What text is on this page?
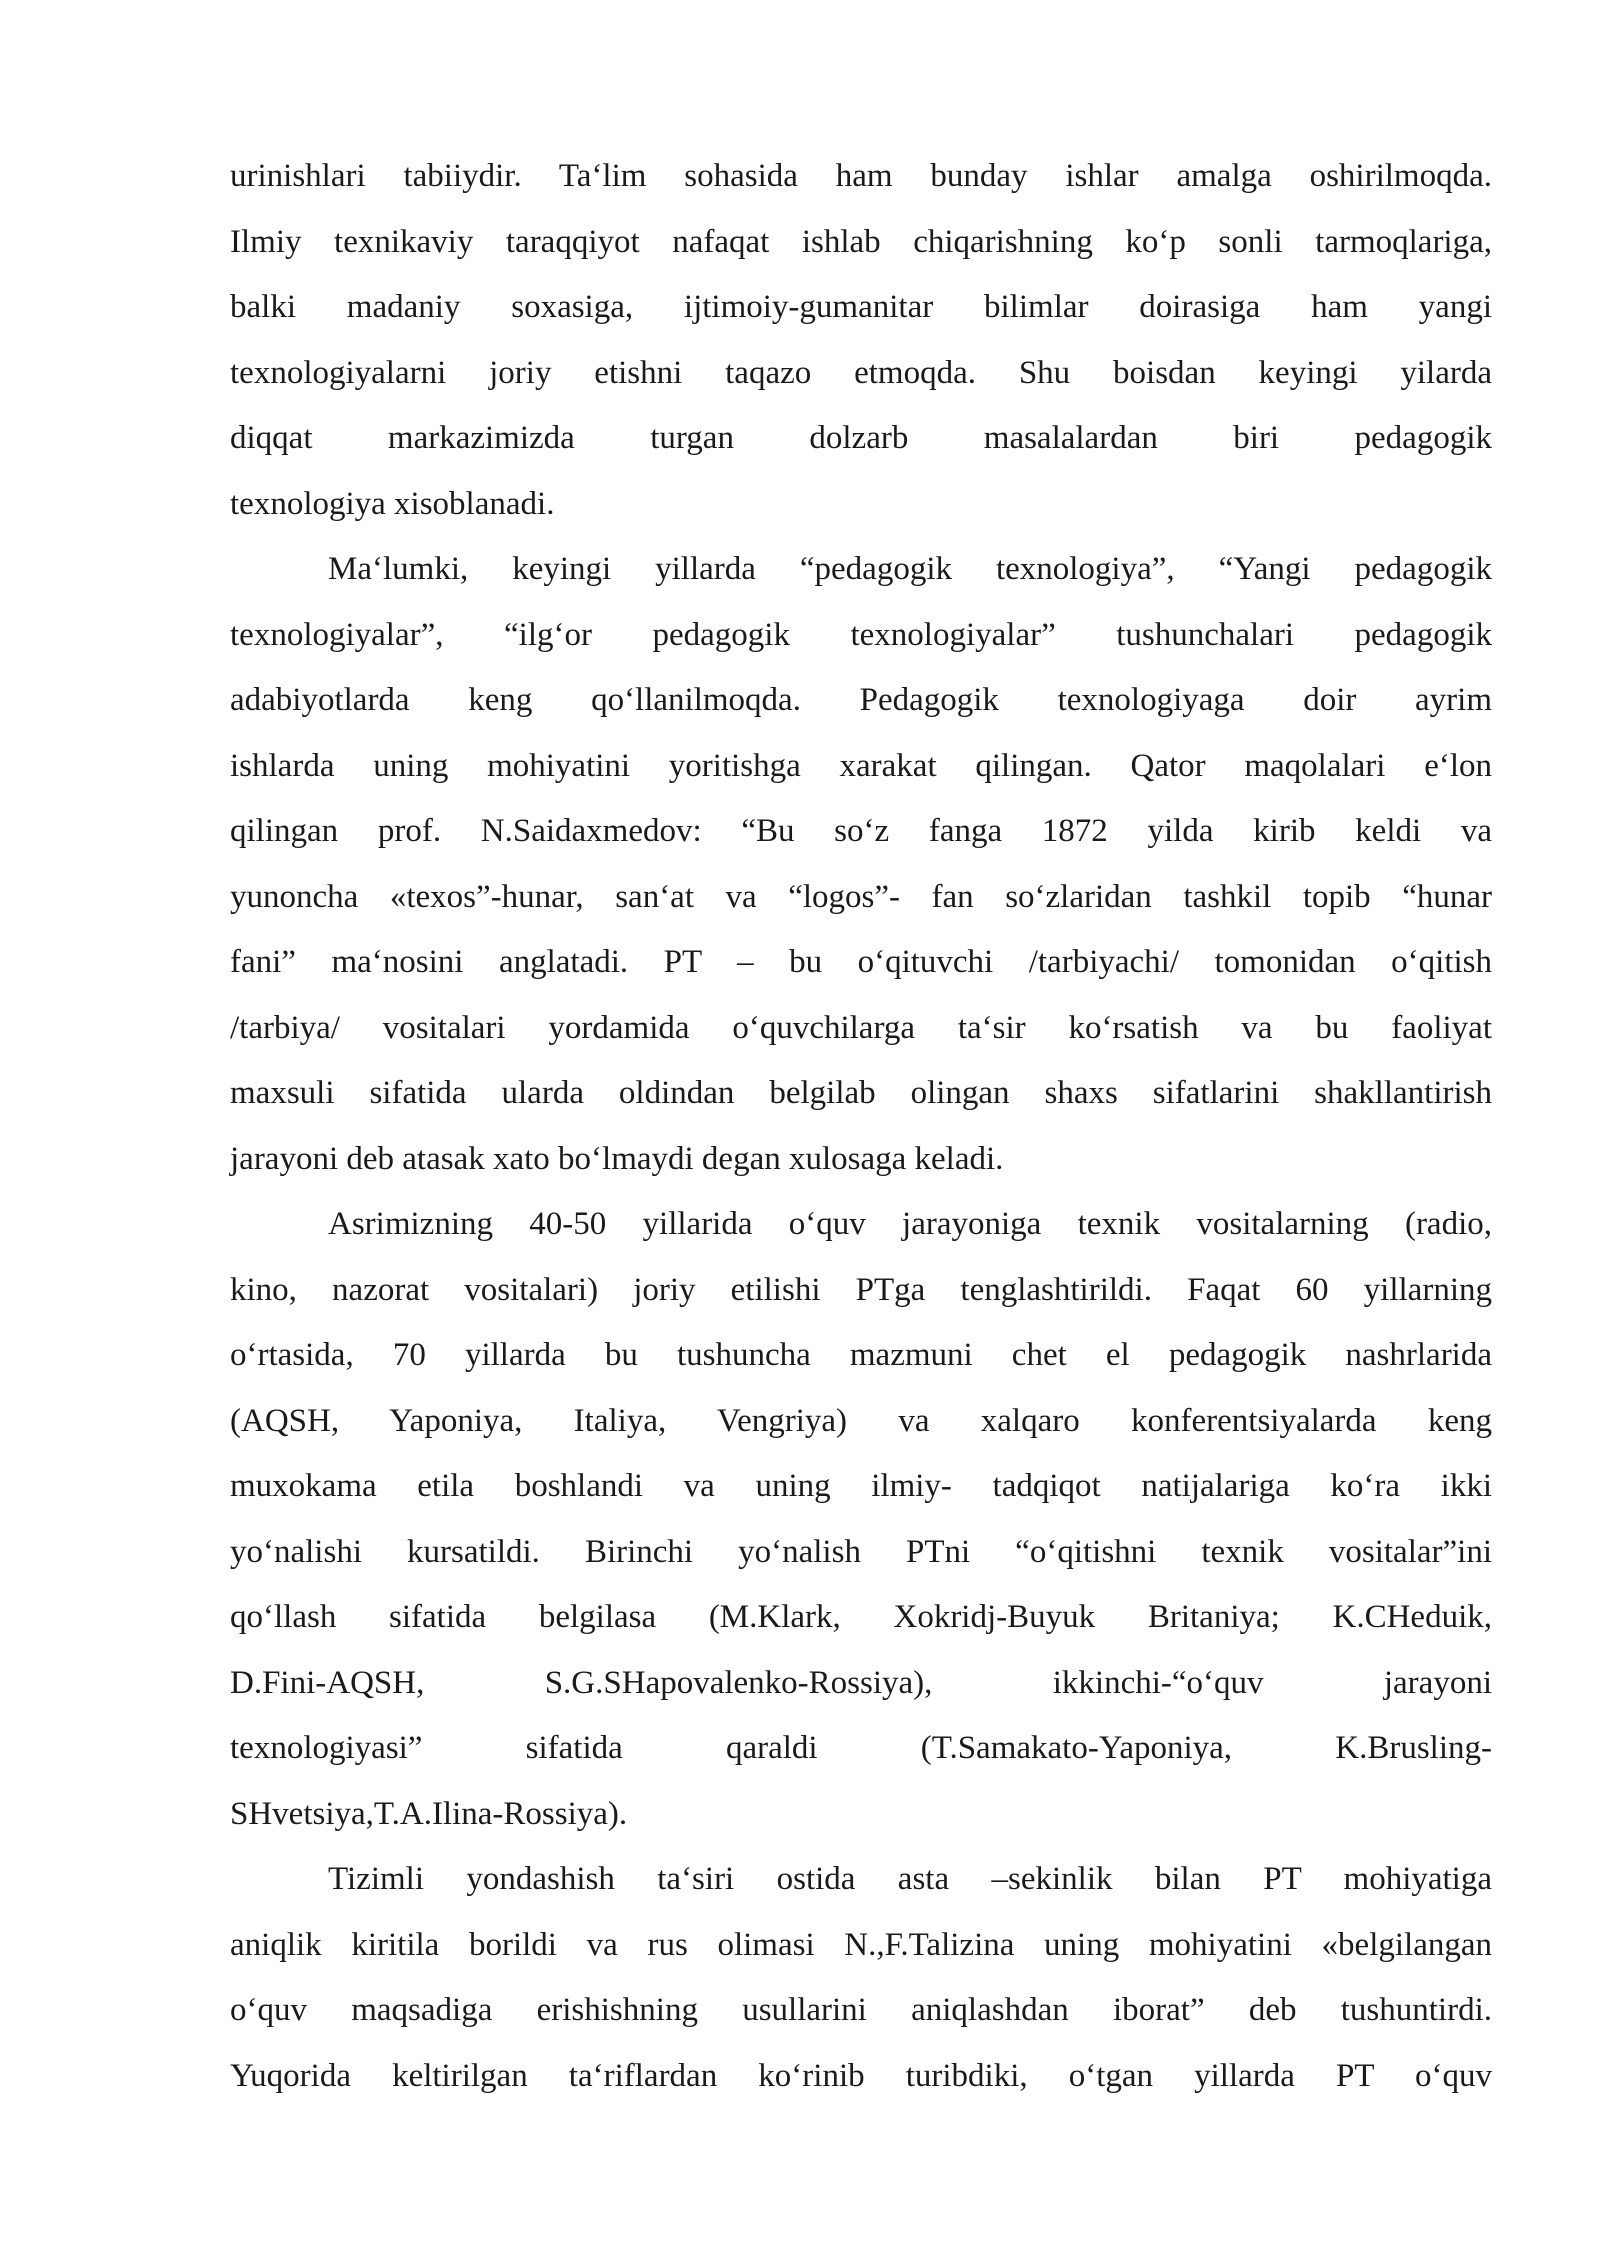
urinishlari tabiiydir. Ta‘lim sohasida ham bunday ishlar amalga oshirilmoqda.
Ilmiy texnikaviy taraqqiyot nafaqat ishlab chiqarishning ko‘p sonli tarmoqlariga,
balki madaniy soxasiga, ijtimoiy-gumanitar bilimlar doirasiga ham yangi
texnologiyalarni joriy etishni taqazo etmoqda. Shu boisdan keyingi yilarda
diqqat markazimizda turgan dolzarb masalalardan biri pedagogik
texnologiya xisoblanadi.
Ma‘lumki, keyingi yillarda “pedagogik texnologiya”, “Yangi pedagogik
texnologiyalar”, “ilg‘or pedagogik texnologiyalar” tushunchalari pedagogik
adabiyotlarda keng qo‘llanilmoqda. Pedagogik texnologiyaga doir ayrim
ishlarda uning mohiyatini yoritishga xarakat qilingan. Qator maqolalari e‘lon
qilingan prof. N.Saidaxmedov: “Bu so‘z fanga 1872 yilda kirib keldi va
yunoncha «texos”-hunar, san‘at va “logos”- fan so‘zlaridan tashkil topib “hunar
fani” ma‘nosini anglatadi. PT – bu o‘qituvchi /tarbiyachi/ tomonidan o‘qitish
/tarbiya/ vositalari yordamida o‘quvchilarga ta‘sir ko‘rsatish va bu faoliyat
maxsuli sifatida ularda oldindan belgilab olingan shaxs sifatlarini shakllantirish
jarayoni deb atasak xato bo‘lmaydi degan xulosaga keladi.
Asrimizning 40-50 yillarida o‘quv jarayoniga texnik vositalarning (radio,
kino, nazorat vositalari) joriy etilishi PTga tenglashtirildi. Faqat 60 yillarning
o‘rtasida, 70 yillarda bu tushuncha mazmuni chet el pedagogik nashrlarida
(AQSH, Yaponiya, Italiya, Vengriya) va xalqaro konferentsiyalarda keng
muxokama etila boshlandi va uning ilmiy- tadqiqot natijalariga ko‘ra ikki
yo‘nalishi kursatildi. Birinchi yo‘nalish PTni “o‘qitishni texnik vositalar”ini
qo‘llash sifatida belgilasa (M.Klark, Xokridj-Buyuk Britaniya; K.CHeduik,
D.Fini-AQSH, S.G.SHapovalenko-Rossiya), ikkinchi-“o‘quv jarayoni
texnologiyasi” sifatida qaraldi (T.Samakato-Yaponiya, K.Brusling-
SHvetsiya,T.A.Ilina-Rossiya).
Tizimli yondashish ta‘siri ostida asta –sekinlik bilan PT mohiyatiga
aniqlik kiritila borildi va rus olimasi N.,F.Talizina uning mohiyatini «belgilangan
o‘quv maqsadiga erishishning usullarini aniqlashdan iborat” deb tushuntirdi.
Yuqorida keltirilgan ta‘riflardan ko‘rinib turibdiki, o‘tgan yillarda PT o‘quv
